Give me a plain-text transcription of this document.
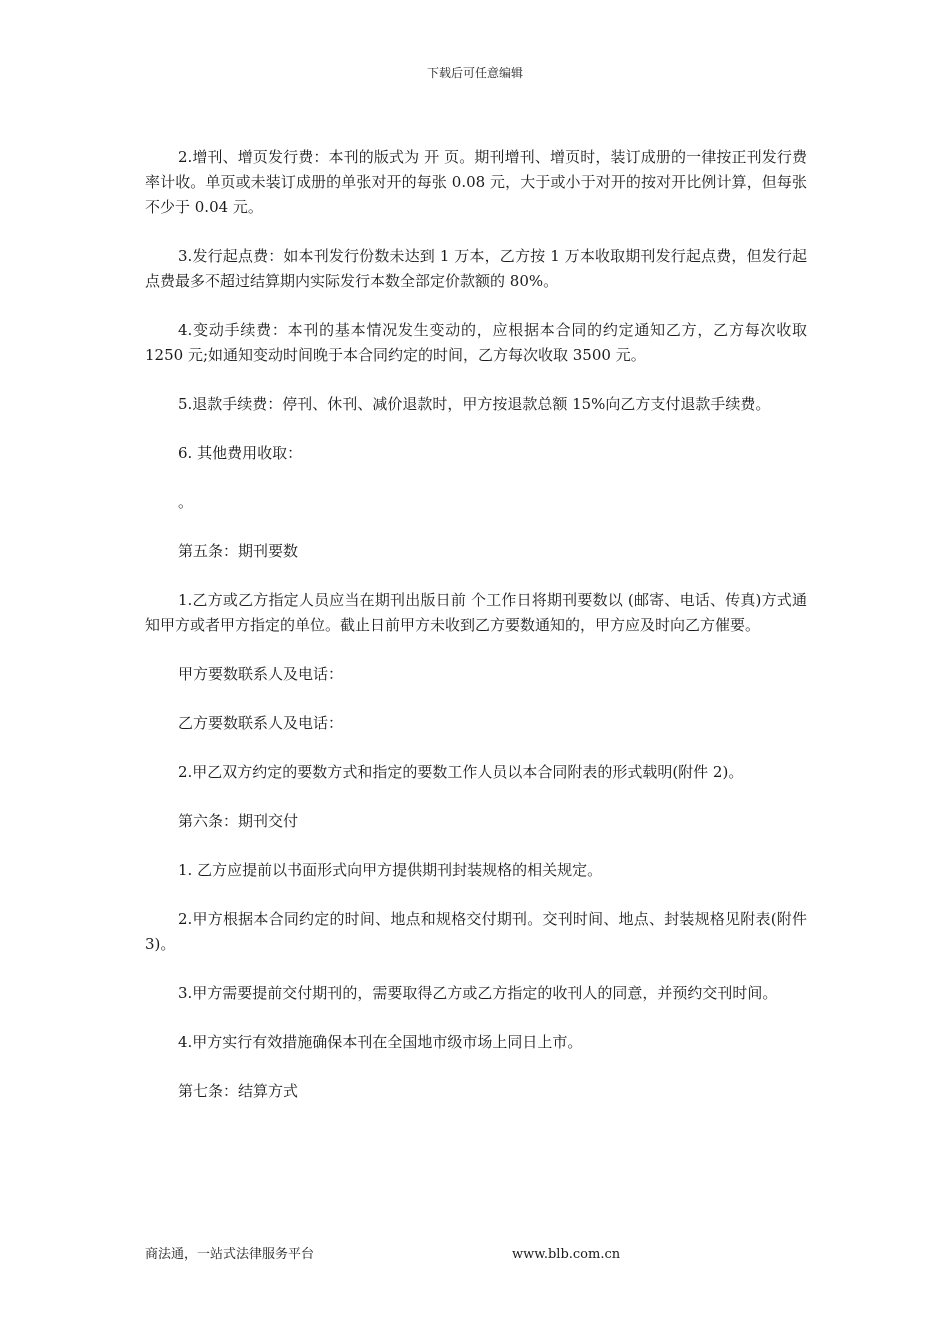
下载后可任意编辑

2.增刊、增页发行费：本刊的版式为 开 页。期刊增刊、增页时，装订成册的一律按正刊发行费率计收。单页或未装订成册的单张对开的每张 0.08 元，大于或小于对开的按对开比例计算，但每张不少于 0.04 元。

3.发行起点费：如本刊发行份数未达到 1 万本，乙方按 1 万本收取期刊发行起点费，但发行起点费最多不超过结算期内实际发行本数全部定价款额的 80%。

4.变动手续费：本刊的基本情况发生变动的，应根据本合同的约定通知乙方，乙方每次收取 1250 元;如通知变动时间晚于本合同约定的时间，乙方每次收取 3500 元。

5.退款手续费：停刊、休刊、减价退款时，甲方按退款总额 15%向乙方支付退款手续费。

6. 其他费用收取：

。

第五条：期刊要数

1.乙方或乙方指定人员应当在期刊出版日前 个工作日将期刊要数以 (邮寄、电话、传真)方式通知甲方或者甲方指定的单位。截止日前甲方未收到乙方要数通知的，甲方应及时向乙方催要。

甲方要数联系人及电话：

乙方要数联系人及电话：

2.甲乙双方约定的要数方式和指定的要数工作人员以本合同附表的形式载明(附件 2)。

第六条：期刊交付

1. 乙方应提前以书面形式向甲方提供期刊封装规格的相关规定。

2.甲方根据本合同约定的时间、地点和规格交付期刊。交刊时间、地点、封装规格见附表(附件 3)。

3.甲方需要提前交付期刊的，需要取得乙方或乙方指定的收刊人的同意，并预约交刊时间。

4.甲方实行有效措施确保本刊在全国地市级市场上同日上市。

第七条：结算方式

商法通，一站式法律服务平台	www.blb.com.cn
